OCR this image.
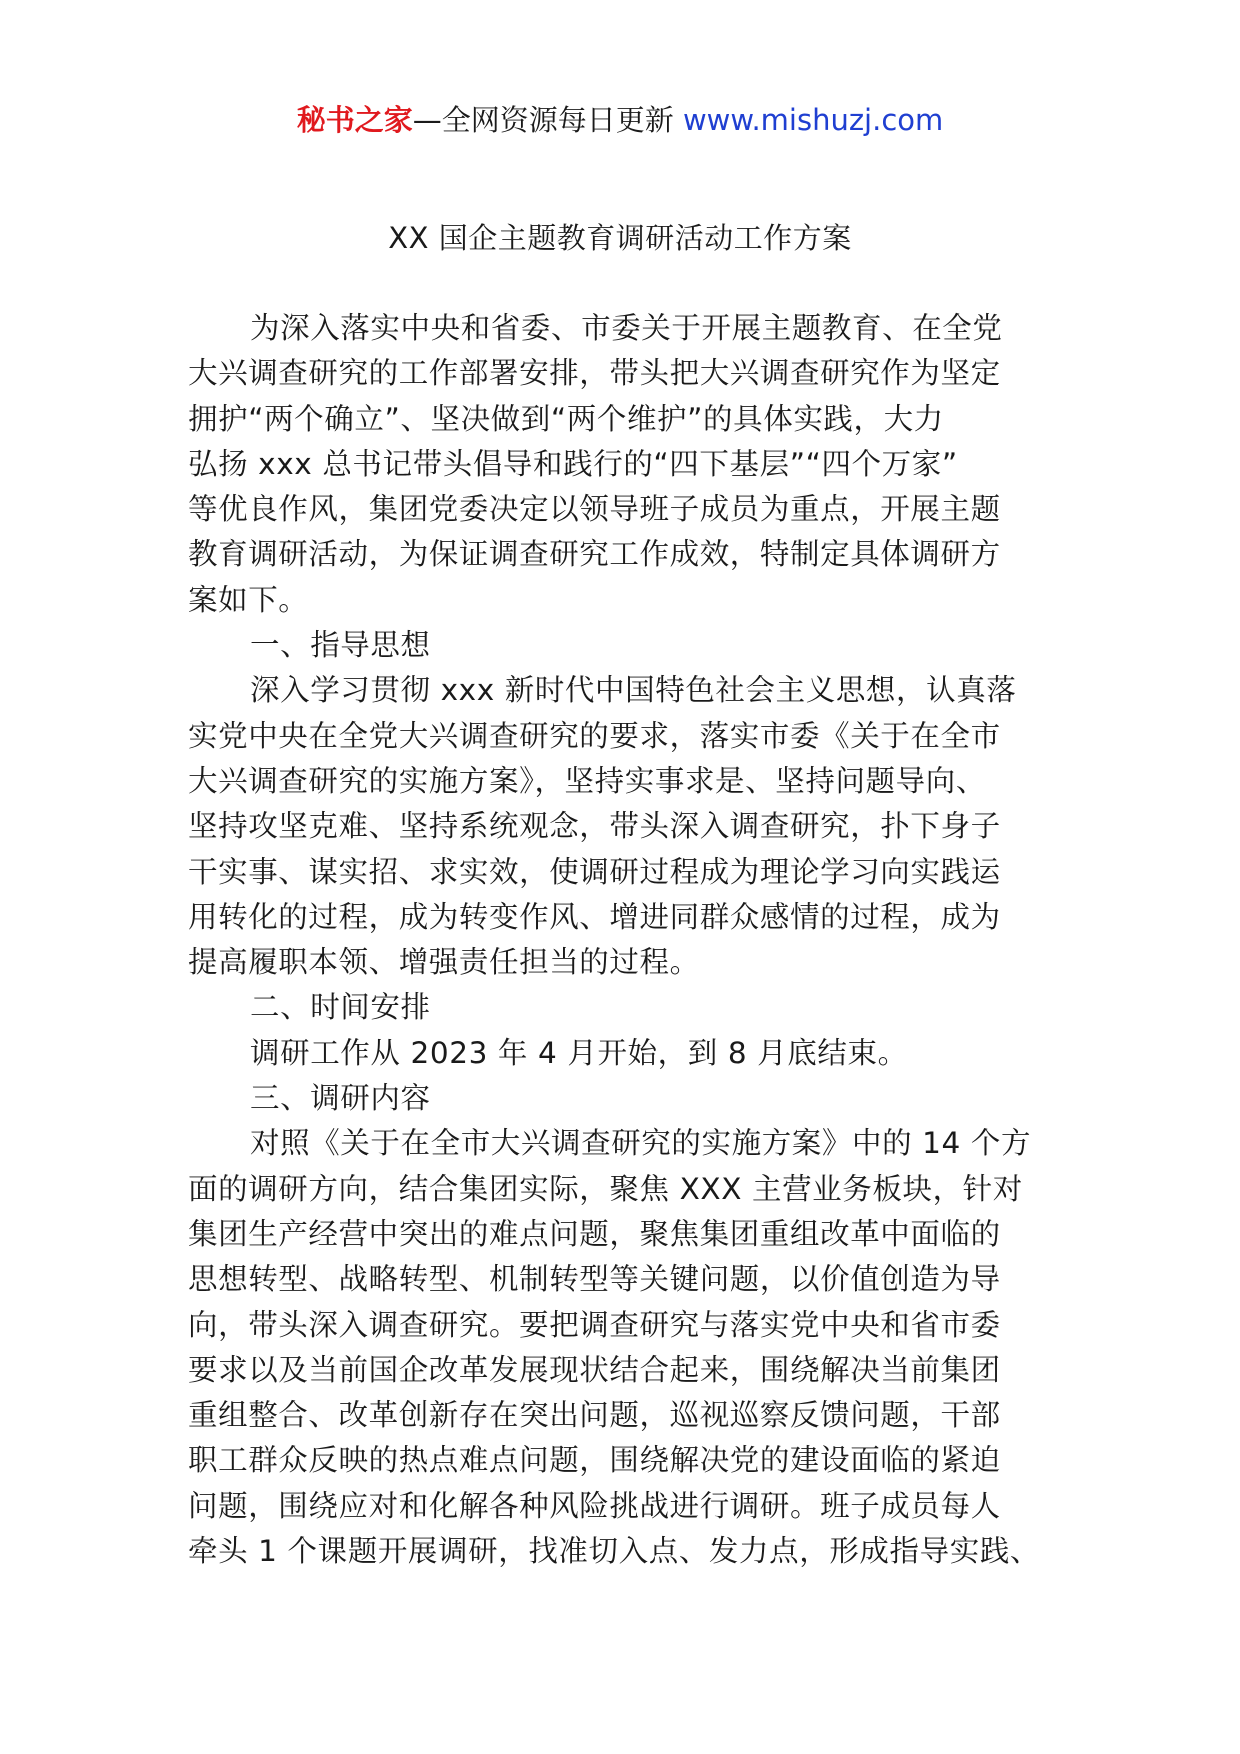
秘书之家—全网资源每日更新 www.mishuzj.com
XX 国企主题教育调研活动工作方案
为深入落实中央和省委、市委关于开展主题教育、在全党
大兴调查研究的工作部署安排，带头把大兴调查研究作为坚定
拥护“两个确立”、坚决做到“两个维护”的具体实践，大力
弘扬 xxx 总书记带头倡导和践行的“四下基层”“四个万家”
等优良作风，集团党委决定以领导班子成员为重点，开展主题
教育调研活动，为保证调查研究工作成效，特制定具体调研方
案如下。
一、指导思想
深入学习贯彻 xxx 新时代中国特色社会主义思想，认真落
实党中央在全党大兴调查研究的要求，落实市委《关于在全市
大兴调查研究的实施方案》，坚持实事求是、坚持问题导向、
坚持攻坚克难、坚持系统观念，带头深入调查研究，扑下身子
干实事、谋实招、求实效，使调研过程成为理论学习向实践运
用转化的过程，成为转变作风、增进同群众感情的过程，成为
提高履职本领、增强责任担当的过程。
二、时间安排
调研工作从 2023 年 4 月开始，到 8 月底结束。
三、调研内容
对照《关于在全市大兴调查研究的实施方案》中的 14 个方
面的调研方向，结合集团实际，聚焦 XXX 主营业务板块，针对
集团生产经营中突出的难点问题，聚焦集团重组改革中面临的
思想转型、战略转型、机制转型等关键问题，以价值创造为导
向，带头深入调查研究。要把调查研究与落实党中央和省市委
要求以及当前国企改革发展现状结合起来，围绕解决当前集团
重组整合、改革创新存在突出问题，巡视巡察反馈问题，干部
职工群众反映的热点难点问题，围绕解决党的建设面临的紧迫
问题，围绕应对和化解各种风险挑战进行调研。班子成员每人
牵头 1 个课题开展调研，找准切入点、发力点，形成指导实践、
